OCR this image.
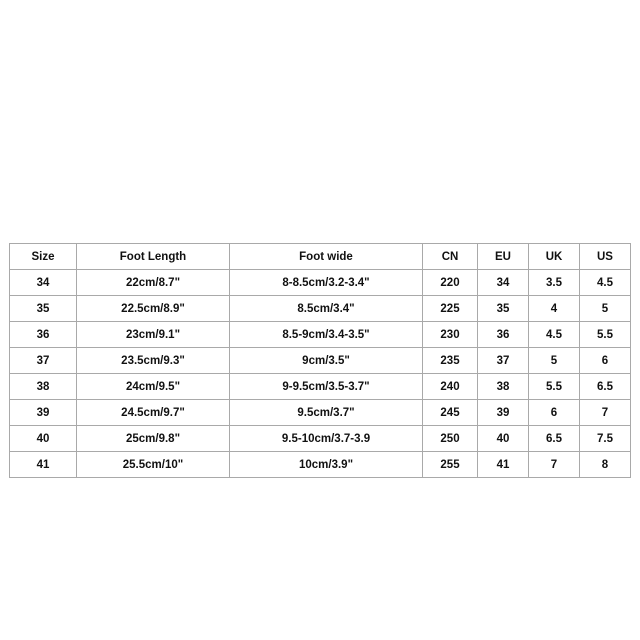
Size	Foot Length	Foot wide	CN	EU	UK	US
34	22cm/8.7"	8-8.5cm/3.2-3.4"	220	34	3.5	4.5
35	22.5cm/8.9"	8.5cm/3.4"	225	35	4	5
36	23cm/9.1"	8.5-9cm/3.4-3.5"	230	36	4.5	5.5
37	23.5cm/9.3"	9cm/3.5"	235	37	5	6
38	24cm/9.5"	9-9.5cm/3.5-3.7"	240	38	5.5	6.5
39	24.5cm/9.7"	9.5cm/3.7"	245	39	6	7
40	25cm/9.8"	9.5-10cm/3.7-3.9	250	40	6.5	7.5
41	25.5cm/10"	10cm/3.9"	255	41	7	8
